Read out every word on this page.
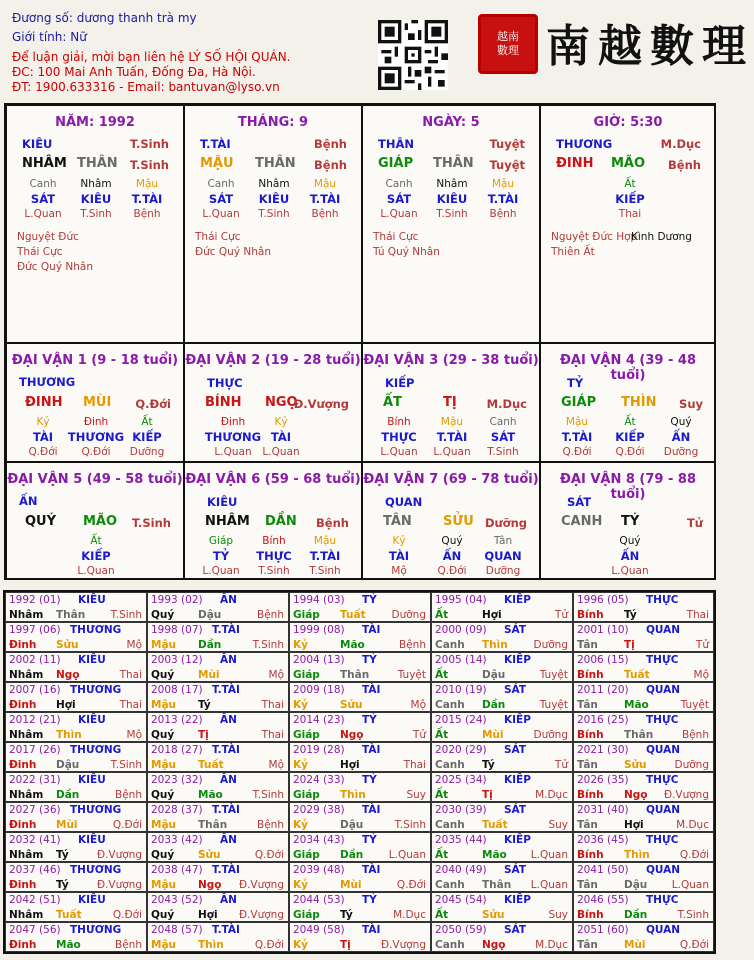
Đương số: dương thanh trà my
Giới tính: Nữ
Để luận giải, mời bạn liên hệ LÝ SỐ HỘI QUÁN.
ĐC: 100 Mai Anh Tuấn, Đống Đa, Hà Nội.
ĐT: 1900.633316 - Email: bantuvan@lyso.vn
越南
數理 南越數理
NĂM: 1992
KIÊU	T.Sinh
NHÂM THÂN T.Sinh
Canh Nhâm Mậu
SÁT KIÊU T.TÀI
L.Quan T.Sinh Bệnh
Nguyệt Đức
Thái Cực
Đức Quý Nhân
THÁNG: 9
T.TÀI	Bệnh
MẬU THÂN Bệnh
Canh Nhâm Mậu
SÁT KIÊU T.TÀI
L.Quan T.Sinh Bệnh
Thái Cực
Đức Quý Nhân
NGÀY: 5
THÂN	Tuyệt
GIÁP THÂN Tuyệt
Canh Nhâm Mậu
SÁT KIÊU T.TÀI
L.Quan T.Sinh Bệnh
Thái Cực
Tú Quý Nhân
GIỜ: 5:30
THƯƠNG	M.Dục
ĐINH MÃO Bệnh
Ất
KIẾP
Thai
Nguyệt Đức Hợp
Thiên Ất
Kình Dương
ĐẠI VẬN 1 (9 - 18 tuổi)
THƯƠNG
ĐINH MÙI Q.Đới
Kỷ
TÀI
Q.Đới
Đinh
THƯƠNG
Q.Đới
Ất
KIẾP
Dưỡng
ĐẠI VẬN 2 (19 - 28 tuổi)
THỰC
BÍNH NGỌ
Đ.Vượng
Đinh
THƯƠNG
L.Quan
Kỷ
TÀI
L.Quan
ĐẠI VẬN 3 (29 - 38 tuổi)
KIẾP
ẤT	TỊ	M.Dục
Bính
THỰC
L.Quan
Mậu
T.TÀI
L.Quan
Canh
SÁT
T.Sinh
ĐẠI VẬN 4 (39 - 48 tuổi)
TỶ
GIÁP THÌN Suy
Mậu
T.TÀI
Q.Đới
Ất
KIẾP
Q.Đới
Quý
ẤN
Dưỡng
ĐẠI VẬN 5 (49 - 58 tuổi)
ẤN
QUÝ MÃO T.Sinh
Ất
KIẾP
L.Quan
ĐẠI VẬN 6 (59 - 68 tuổi)
KIÊU
NHÂM DẦN Bệnh
Giáp
TỶ
L.Quan
Bính
THỰC
T.Sinh
Mậu
T.TÀI
T.Sinh
ĐẠI VẬN 7 (69 - 78 tuổi)
QUAN
TÂN SỬU Dưỡng
Kỷ
TÀI
Mộ
Quý
ẤN
Q.Đới
Tân
QUAN
Dưỡng
ĐẠI VẬN 8 (79 - 88 tuổi)
SÁT
CANH TÝ	Tử
Quý
ẤN
L.Quan
1992 (01) KIÊU
Nhâm Thân T.Sinh
1993 (02) ẤN
Quý Dậu	Bệnh
1994 (03) TỶ
Giáp Tuất Dưỡng
1995 (04) KIẾP
Ất	Hợi	Tử
1996 (05) THỰC
Bính Tý	Thai
1997 (06) THƯƠNG
Đinh Sửu	Mộ
1998 (07) T.TÀI
Mậu Dần	T.Sinh
1999 (08) TÀI
Kỷ	Mão	Bệnh
2000 (09) SÁT
Canh Thìn Dưỡng
2001 (10) QUAN
Tân Tị	Tử
2002 (11) KIÊU
Nhâm Ngọ	Thai
2003 (12) ẤN
Quý Mùi	Mộ
2004 (13) TỶ
Giáp Thân	Tuyệt
2005 (14) KIẾP
Ất	Dậu	Tuyệt
2006 (15) THỰC
Bính Tuất	Mộ
2007 (16) THƯƠNG
Đinh Hợi	Thai
2008 (17) T.TÀI
Mậu Tý	Thai
2009 (18) TÀI
Kỷ	Sửu	Mộ
2010 (19) SÁT
Canh Dần	Tuyệt
2011 (20) QUAN
Tân Mão	Tuyệt
2012 (21) KIÊU
Nhâm Thìn	Mộ
2013 (22) ẤN
Quý Tị	Thai
2014 (23) TỶ
Giáp Ngọ	Tử
2015 (24) KIẾP
Ất	Mùi	Dưỡng
2016 (25) THỰC
Bính Thân	Bệnh
2017 (26) THƯƠNG
Đinh Dậu	T.Sinh
2018 (27) T.TÀI
Mậu Tuất	Mộ
2019 (28) TÀI
Kỷ	Hợi	Thai
2020 (29) SÁT
Canh Tý	Tử
2021 (30) QUAN
Tân Sửu	Dưỡng
2022 (31) KIÊU
Nhâm Dần	Bệnh
2023 (32) ẤN
Quý Mão	T.Sinh
2024 (33) TỶ
Giáp Thìn	Suy
2025 (34) KIẾP
Ất	Tị	M.Dục
2026 (35) THỰC
Bính Ngọ Đ.Vượng
2027 (36) THƯƠNG
Đinh Mùi	Q.Đới
2028 (37) T.TÀI
Mậu Thân	Bệnh
2029 (38) TÀI
Kỷ	Dậu	T.Sinh
2030 (39) SÁT
Canh Tuất	Suy
2031 (40) QUAN
Tân Hợi	M.Dục
2032 (41) KIÊU
Nhâm Tý	Đ.Vượng
2033 (42) ẤN
Quý Sửu	Q.Đới
2034 (43) TỶ
Giáp Dần L.Quan
2035 (44) KIẾP
Ất	Mão L.Quan
2036 (45) THỰC
Bính Thìn	Q.Đới
2037 (46) THƯƠNG
Đinh Tý	Đ.Vượng
2038 (47) T.TÀI
Mậu Ngọ Đ.Vượng
2039 (48) TÀI
Kỷ	Mùi	Q.Đới
2040 (49) SÁT
Canh Thân L.Quan
2041 (50) QUAN
Tân Dậu L.Quan
2042 (51) KIÊU
Nhâm Tuất	Q.Đới
2043 (52) ẤN
Quý Hợi Đ.Vượng
2044 (53) TỶ
Giáp Tý	M.Dục
2045 (54) KIẾP
Ất	Sửu	Suy
2046 (55) THỰC
Bính Dần	T.Sinh
2047 (56) THƯƠNG
Đinh Mão	Bệnh
2048 (57) T.TÀI
Mậu Thìn	Q.Đới
2049 (58) TÀI
Kỷ	Tị	Đ.Vượng
2050 (59) SÁT
Canh Ngọ	M.Dục
2051 (60) QUAN
Tân Mùi	Q.Đới
